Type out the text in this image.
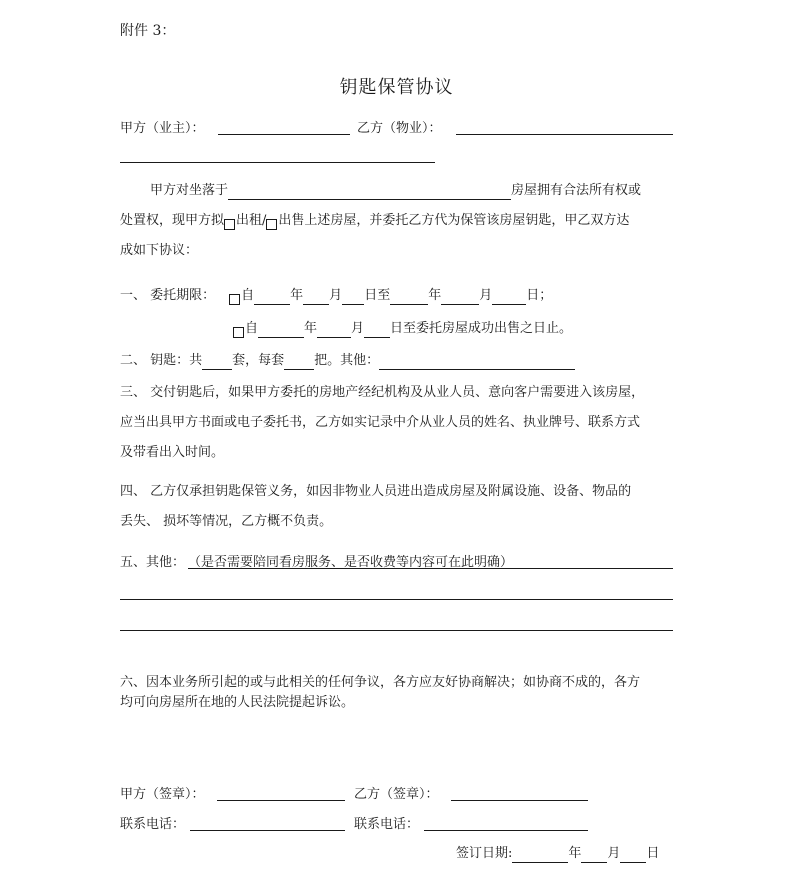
附件 3：
钥匙保管协议
甲方（业主）：	乙方（物业）：
甲方对坐落于	房屋拥有合法所有权或
处置权，现甲方拟 出租/ 出售上述房屋，并委托乙方代为保管该房屋钥匙，甲乙双方达
成如下协议：
一、 委托期限： 自	年 月 日至	年	月	日；
自	年	月 日至委托房屋成功出售之日止。
二、 钥匙：共 套，每套 把。其他：
三、 交付钥匙后，如果甲方委托的房地产经纪机构及从业人员、意向客户需要进入该房屋，
应当出具甲方书面或电子委托书，乙方如实记录中介从业人员的姓名、执业牌号、联系方式
及带看出入时间。
四、 乙方仅承担钥匙保管义务，如因非物业人员进出造成房屋及附属设施、设备、物品的
丢失、 损坏等情况，乙方概不负责。
五、其他： （是否需要陪同看房服务、是否收费等内容可在此明确）
六、因本业务所引起的或与此相关的任何争议，各方应友好协商解决；如协商不成的，各方
均可向房屋所在地的人民法院提起诉讼。
甲方（签章）：	乙方（签章）：
联系电话：	联系电话：
签订日期:	年 月 日
